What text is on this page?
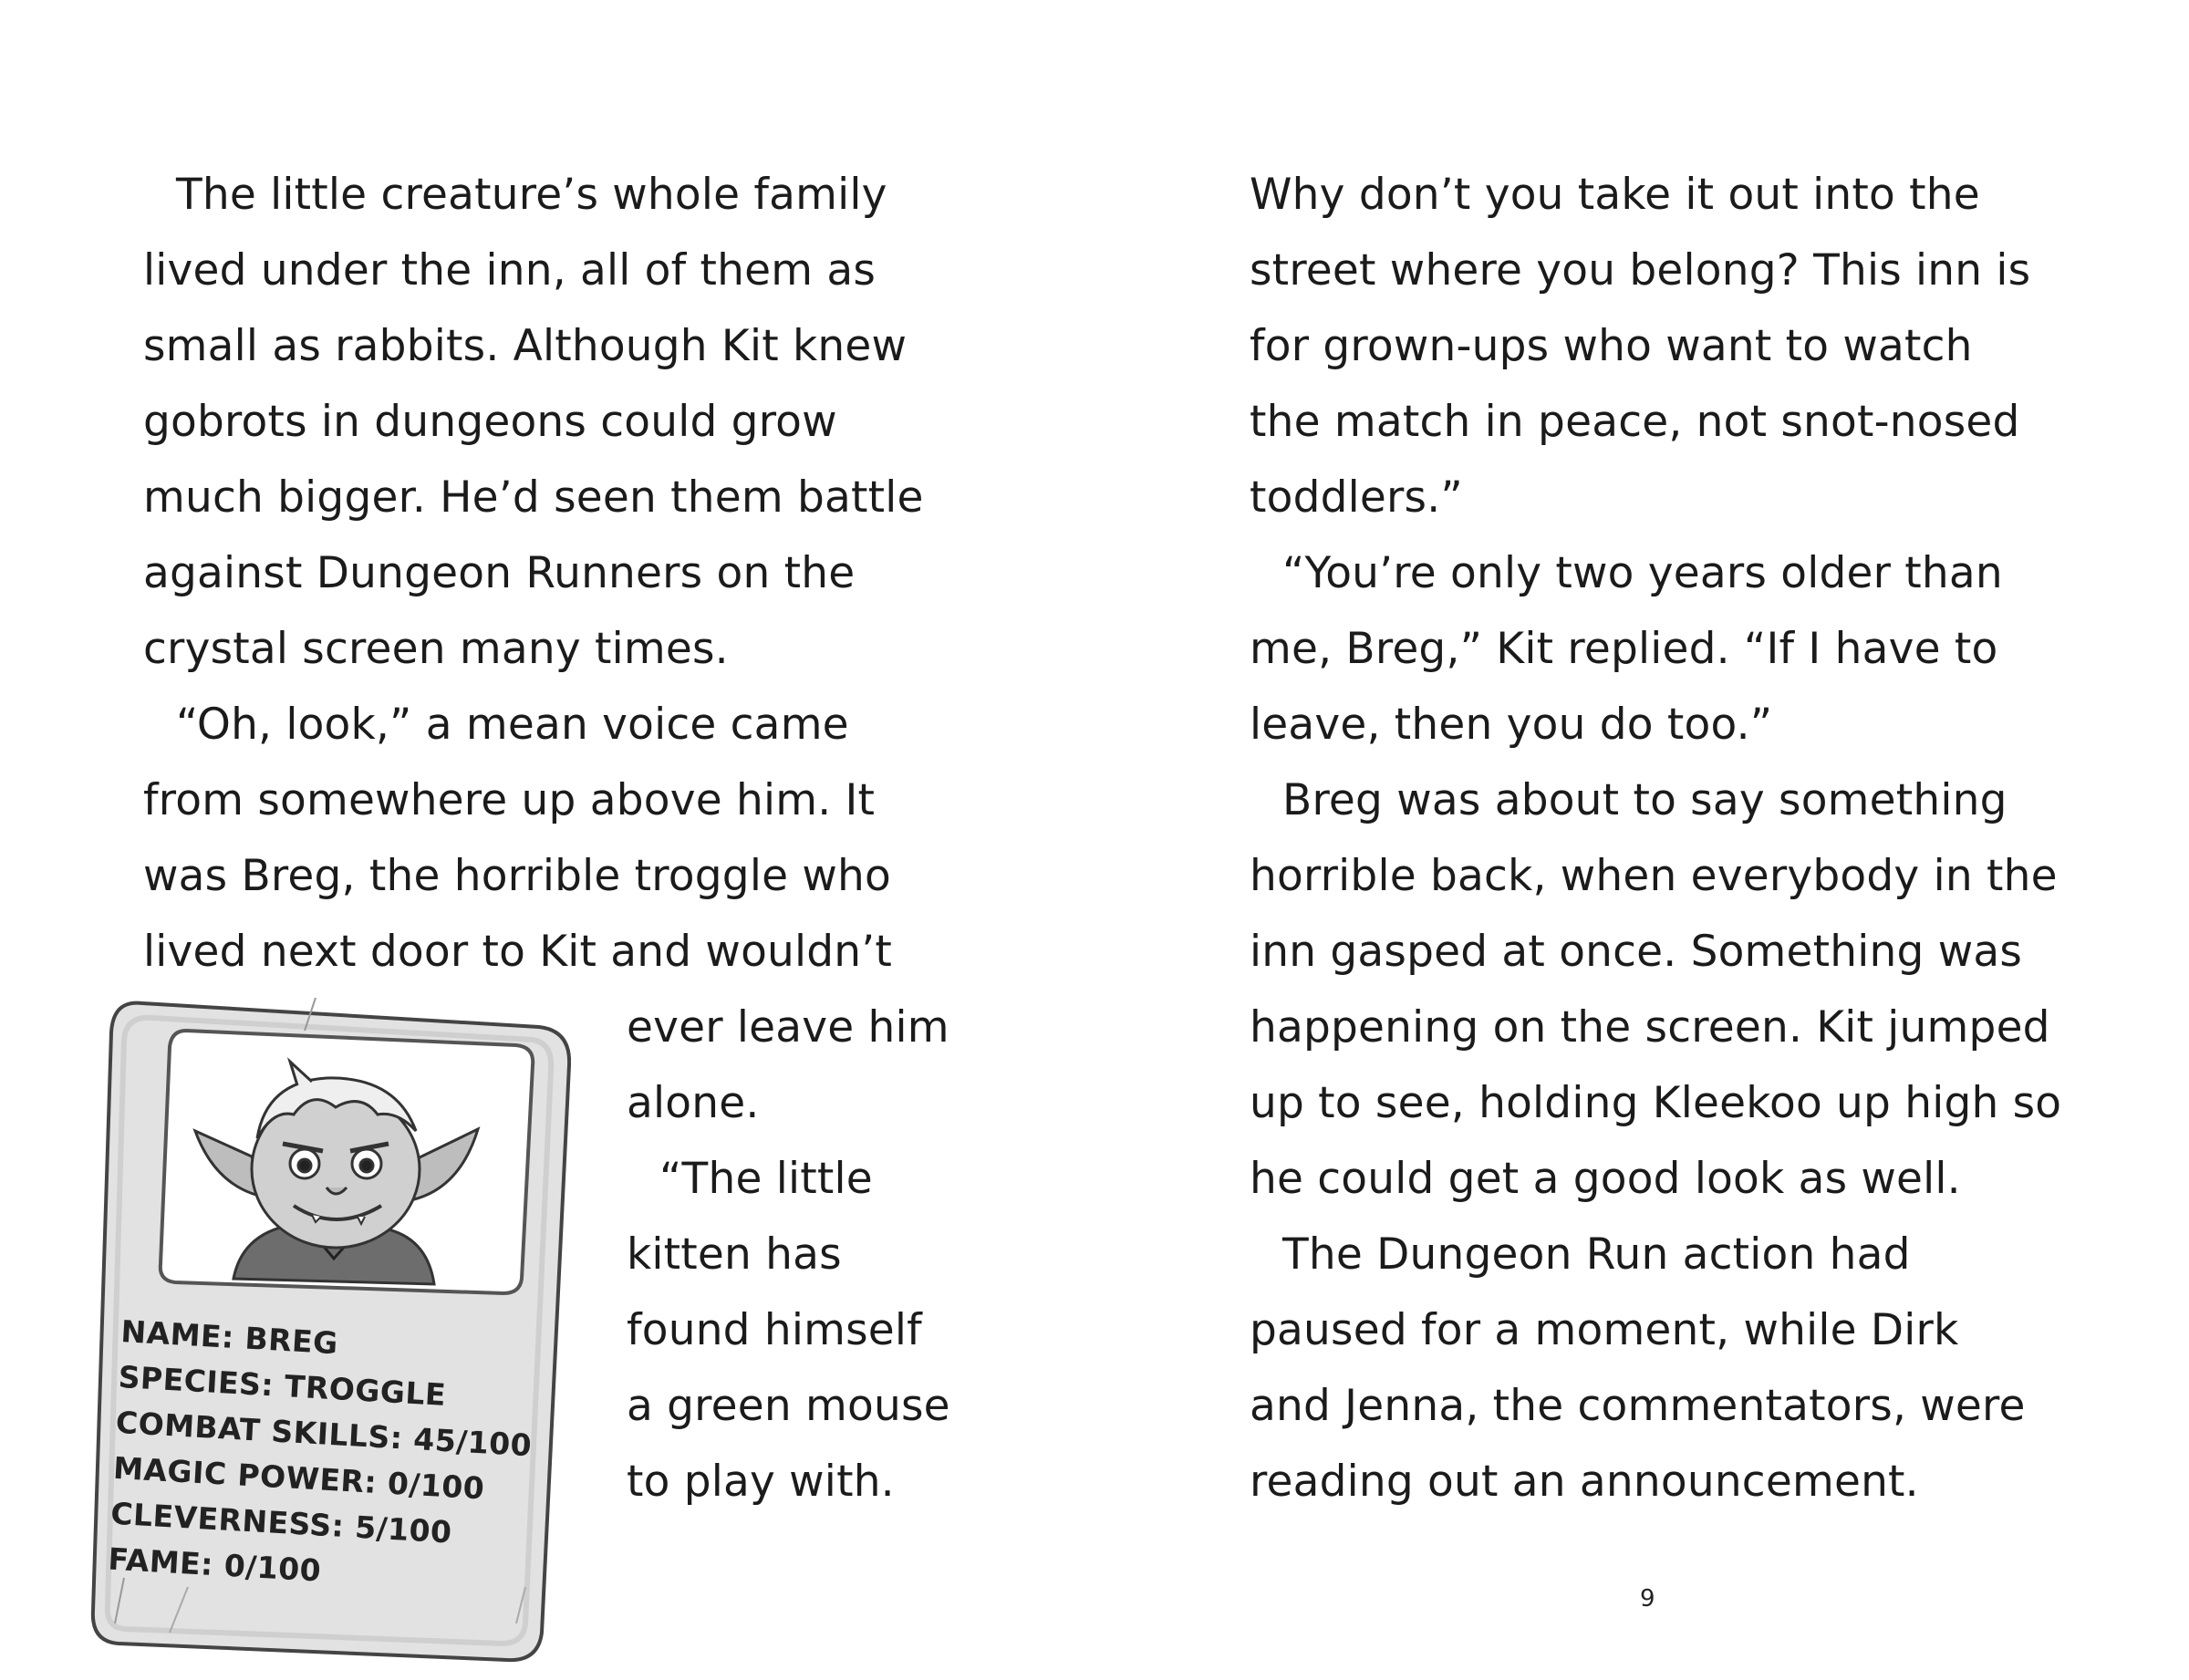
The little creature’s whole family
lived under the inn, all of them as
small as rabbits. Although Kit knew
gobrots in dungeons could grow
much bigger. He’d seen them battle
against Dungeon Runners on the
crystal screen many times.
“Oh, look,” a mean voice came
from somewhere up above him. It
was Breg, the horrible troggle who
lived next door to Kit and wouldn’t
ever leave him
alone.
“The little
kitten has
found himself
a green mouse
to play with.
Why don’t you take it out into the
street where you belong? This inn is
for grown-ups who want to watch
the match in peace, not snot-nosed
toddlers.”
“You’re only two years older than
me, Breg,” Kit replied. “If I have to
leave, then you do too.”
Breg was about to say something
horrible back, when everybody in the
inn gasped at once. Something was
happening on the screen. Kit jumped
up to see, holding Kleekoo up high so
he could get a good look as well.
The Dungeon Run action had
paused for a moment, while Dirk
and Jenna, the commentators, were
reading out an announcement.
NAME: BREG
SPECIES: TROGGLE
COMBAT SKILLS: 45/100
MAGIC POWER: 0/100
CLEVERNESS: 5/100
FAME: 0/100
9
